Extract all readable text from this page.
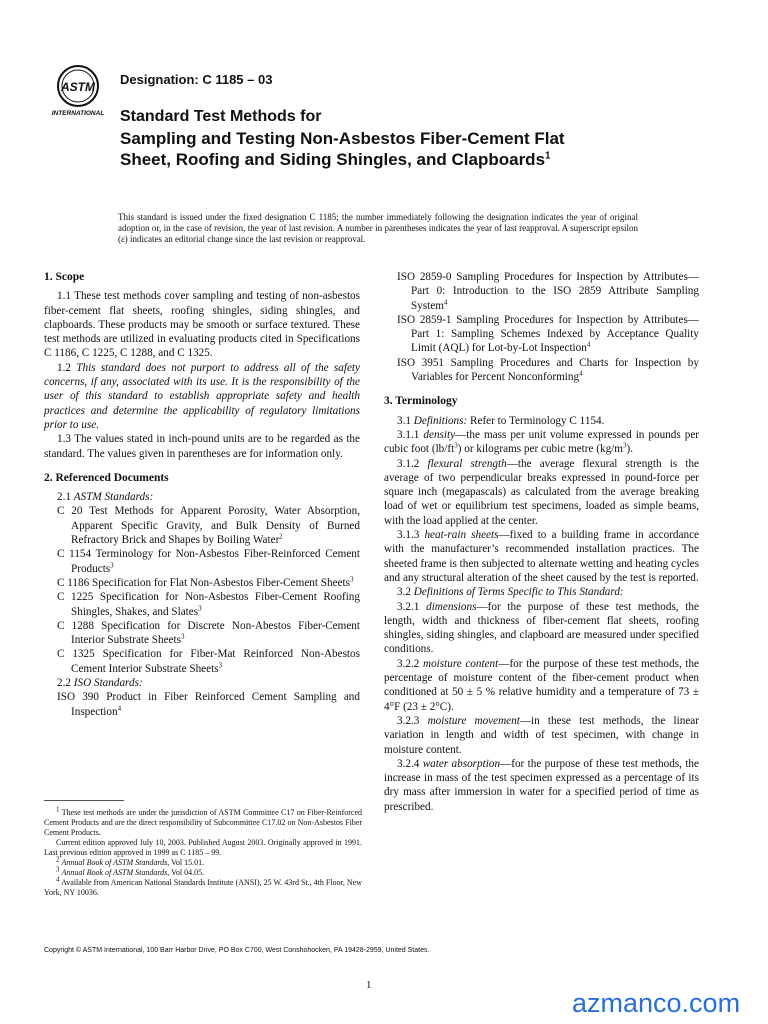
ASTM
INTERNATIONAL
Designation: C 1185 – 03
Standard Test Methods for
Sampling and Testing Non-Asbestos Fiber-Cement Flat
Sheet, Roofing and Siding Shingles, and Clapboards$^1$
This standard is issued under the fixed designation C 1185; the number immediately following the designation indicates the year of original adoption or, in the case of revision, the year of last revision. A number in parentheses indicates the year of last reapproval. A superscript epsilon (ε) indicates an editorial change since the last revision or reapproval.

1. Scope

1.1 These test methods cover sampling and testing of non-asbestos fiber-cement flat sheets, roofing shingles, siding shingles, and clapboards. These products may be smooth or surface textured. These test methods are utilized in evaluating products cited in Specifications C 1186, C 1225, C 1288, and C 1325.

1.2 This standard does not purport to address all of the safety concerns, if any, associated with its use. It is the responsibility of the user of this standard to establish appropriate safety and health practices and determine the applicability of regulatory limitations prior to use.

1.3 The values stated in inch-pound units are to be regarded as the standard. The values given in parentheses are for information only.

2. Referenced Documents

2.1 ASTM Standards:

C 20 Test Methods for Apparent Porosity, Water Absorption, Apparent Specific Gravity, and Bulk Density of Burned Refractory Brick and Shapes by Boiling Water$^2$

C 1154 Terminology for Non-Asbestos Fiber-Reinforced Cement Products$^3$

C 1186 Specification for Flat Non-Asbestos Fiber-Cement Sheets$^3$

C 1225 Specification for Non-Asbestos Fiber-Cement Roofing Shingles, Shakes, and Slates$^3$

C 1288 Specification for Discrete Non-Abestos Fiber-Cement Interior Substrate Sheets$^3$

C 1325 Specification for Fiber-Mat Reinforced Non-Abestos Cement Interior Substrate Sheets$^3$

2.2 ISO Standards:

ISO 390 Product in Fiber Reinforced Cement Sampling and Inspection$^4$

ISO 2859-0 Sampling Procedures for Inspection by Attributes—Part 0: Introduction to the ISO 2859 Attribute Sampling System$^4$

ISO 2859-1 Sampling Procedures for Inspection by Attributes—Part 1: Sampling Schemes Indexed by Acceptance Quality Limit (AQL) for Lot-by-Lot Inspection$^4$

ISO 3951 Sampling Procedures and Charts for Inspection by Variables for Percent Nonconforming$^4$

3. Terminology

3.1 Definitions: Refer to Terminology C 1154.

3.1.1 density—the mass per unit volume expressed in pounds per cubic foot $(lb/ft^3)$ or kilograms per cubic metre $(kg/m^3)$.

3.1.2 flexural strength—the average flexural strength is the average of two perpendicular breaks expressed in pound-force per square inch (megapascals) as calculated from the average breaking load of wet or equilibrium test specimens, loaded as simple beams, with the load applied at the center.

3.1.3 heat-rain sheets—fixed to a building frame in accordance with the manufacturer’s recommended installation practices. The sheeted frame is then subjected to alternate wetting and heating cycles and any structural alteration of the sheet caused by the test is reported.

3.2 Definitions of Terms Specific to This Standard:

3.2.1 dimensions—for the purpose of these test methods, the length, width and thickness of fiber-cement flat sheets, roofing shingles, siding shingles, and clapboard are measured under specified conditions.

3.2.2 moisture content—for the purpose of these test methods, the percentage of moisture content of the fiber-cement product when conditioned at 50 ± 5 % relative humidity and a temperature of 73 ± 4°F (23 ± 2°C).

3.2.3 moisture movement—in these test methods, the linear variation in length and width of test specimen, with change in moisture content.

3.2.4 water absorption—for the purpose of these test methods, the increase in mass of the test specimen expressed as a percentage of its dry mass after immersion in water for a specified period of time as prescribed.

$^1$ These test methods are under the jurisdiction of ASTM Committee C17 on Fiber-Reinforced Cement Products and are the direct responsibility of Subcommittee C17.02 on Non-Asbestos Fiber Cement Products.

Current edition approved July 10, 2003. Published August 2003. Originally approved in 1991. Last previous edition approved in 1999 as C 1185 – 99.

$^2$ Annual Book of ASTM Standards, Vol 15.01.

$^3$ Annual Book of ASTM Standards, Vol 04.05.

$^4$ Available from American National Standards Institute (ANSI), 25 W. 43rd St., 4th Floor, New York, NY 10036.

Copyright © ASTM International, 100 Barr Harbor Drive, PO Box C700, West Conshohocken, PA 19428-2959, United States.
1
azmanco.com
